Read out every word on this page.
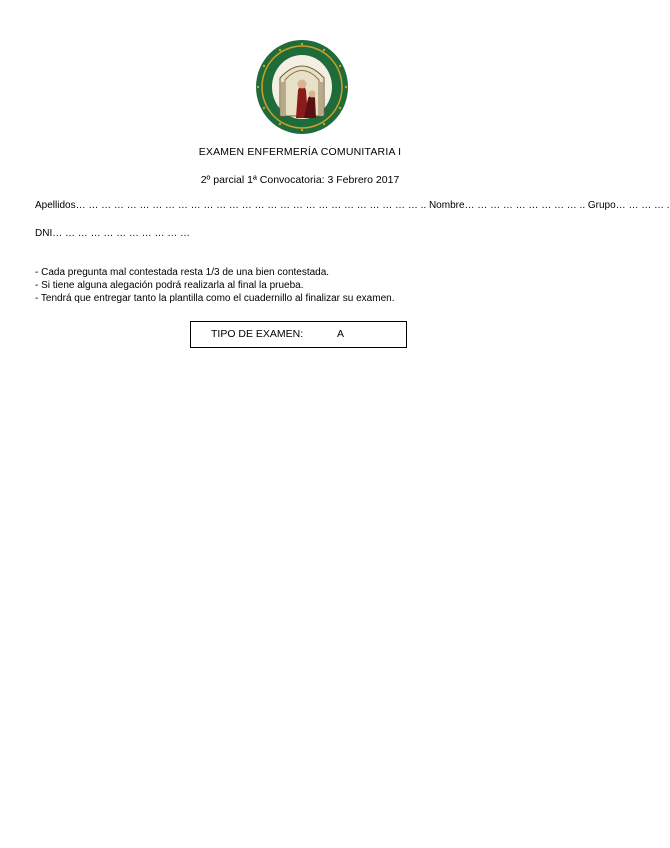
EXAMEN ENFERMERÍA COMUNITARIA I
2º parcial 1ª Convocatoria: 3 Febrero 2017
Apellidos… … … … … … … … … … … … … … … … … … … … … … … … … … … .. Nombre… … … … … … … … … .. Grupo… … … … .
DNI… … … … … … … … … … …
- Cada pregunta mal contestada resta 1/3 de una bien contestada.
- Si tiene alguna alegación podrá realizarla al final la prueba.
- Tendrá que entregar tanto la plantilla como el cuadernillo al finalizar su examen.
TIPO DE EXAMEN:	A
